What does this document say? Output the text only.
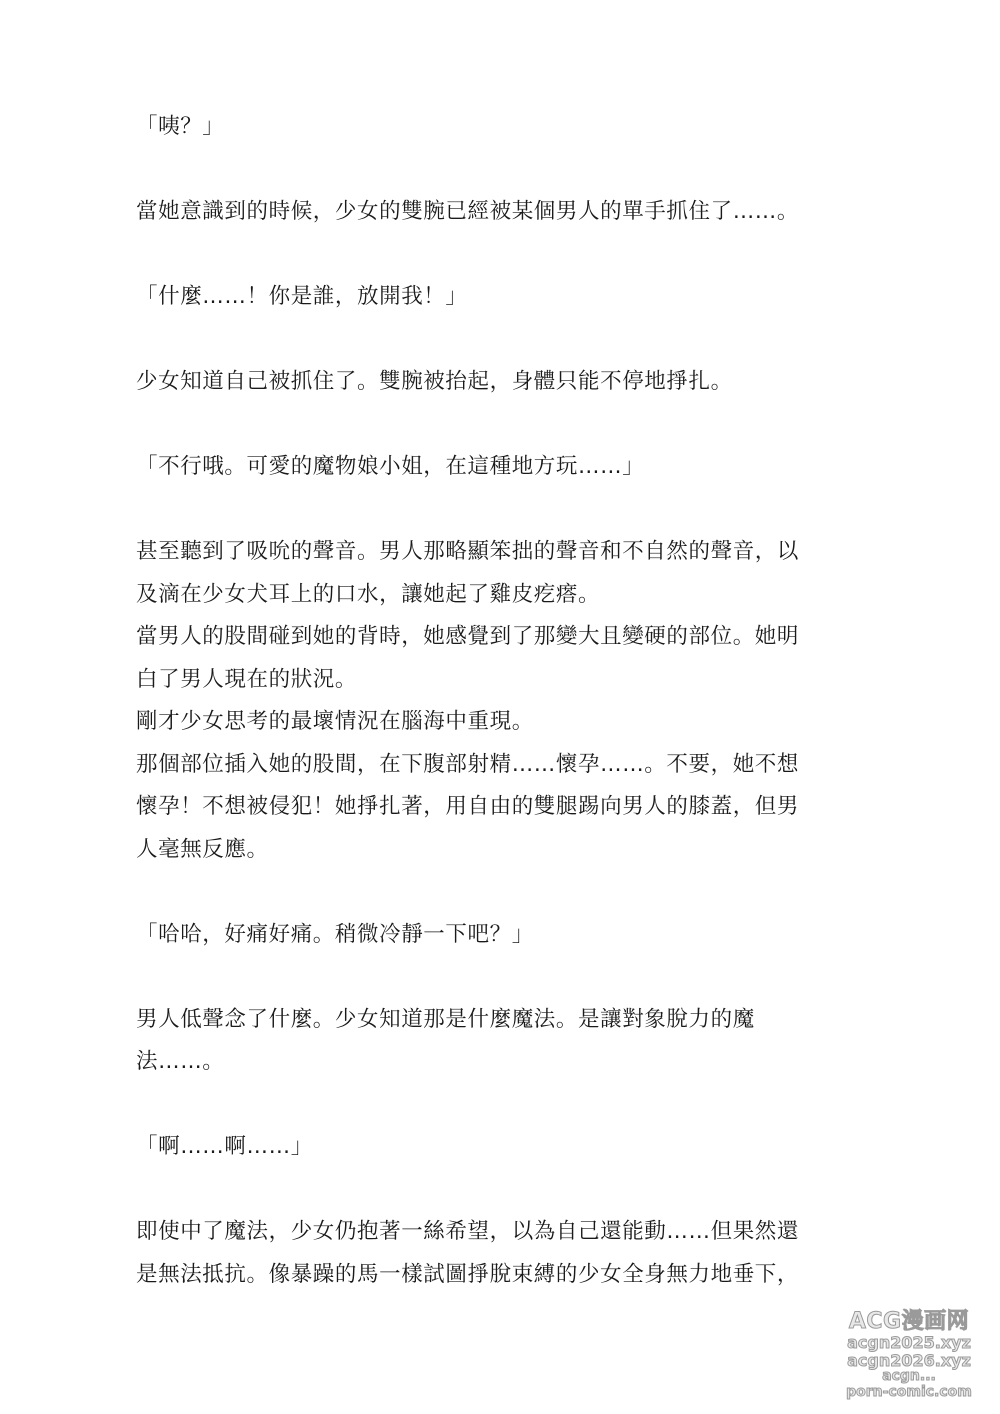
「咦？」
當她意識到的時候，少女的雙腕已經被某個男人的單手抓住了……。
「什麼……！你是誰，放開我！」
少女知道自己被抓住了。雙腕被抬起，身體只能不停地掙扎。
「不行哦。可愛的魔物娘小姐，在這種地方玩……」
甚至聽到了吸吮的聲音。男人那略顯笨拙的聲音和不自然的聲音，以
及滴在少女犬耳上的口水，讓她起了雞皮疙瘩。
當男人的股間碰到她的背時，她感覺到了那變大且變硬的部位。她明
白了男人現在的狀況。
剛才少女思考的最壞情況在腦海中重現。
那個部位插入她的股間，在下腹部射精……懷孕……。不要，她不想
懷孕！不想被侵犯！她掙扎著，用自由的雙腿踢向男人的膝蓋，但男
人毫無反應。
「哈哈，好痛好痛。稍微冷靜一下吧？」
男人低聲念了什麼。少女知道那是什麼魔法。是讓對象脫力的魔
法……。
「啊……啊……」
即使中了魔法，少女仍抱著一絲希望，以為自己還能動……但果然還
是無法抵抗。像暴躁的馬一樣試圖掙脫束縛的少女全身無力地垂下，
ACG漫画网
acgn2025.xyz
acgn2026.xyz
acgn...
porn-comic.com
